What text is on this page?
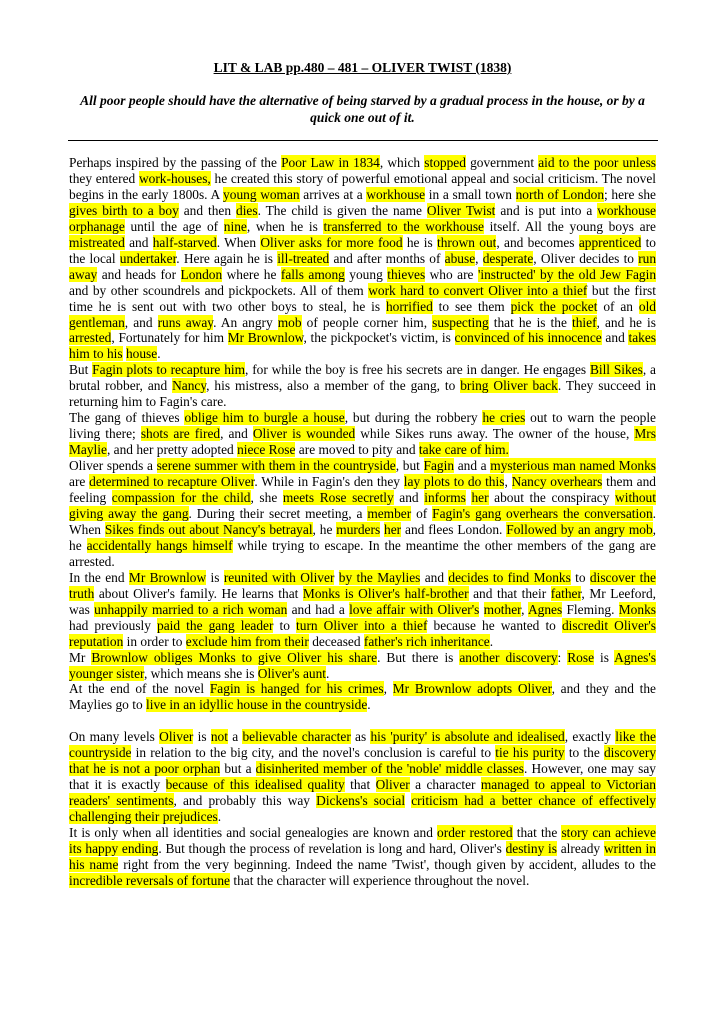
LIT & LAB pp.480 – 481 – OLIVER TWIST (1838)
All poor people should have the alternative of being starved by a gradual process in the house, or by a quick one out of it.

Perhaps inspired by the passing of the Poor Law in 1834, which stopped government aid to the poor unless they entered work-houses, he created this story of powerful emotional appeal and social criticism. The novel begins in the early 1800s. A young woman arrives at a workhouse in a small town north of London; here she gives birth to a boy and then dies. The child is given the name Oliver Twist and is put into a workhouse orphanage until the age of nine, when he is transferred to the workhouse itself. All the young boys are mistreated and half-starved. When Oliver asks for more food he is thrown out, and becomes apprenticed to the local undertaker. Here again he is ill-treated and after months of abuse, desperate, Oliver decides to run away and heads for London where he falls among young thieves who are 'instructed' by the old Jew Fagin and by other scoundrels and pickpockets. All of them work hard to convert Oliver into a thief but the first time he is sent out with two other boys to steal, he is horrified to see them pick the pocket of an old gentleman, and runs away. An angry mob of people corner him, suspecting that he is the thief, and he is arrested, Fortunately for him Mr Brownlow, the pickpocket's victim, is convinced of his innocence and takes him to his house.

But Fagin plots to recapture him, for while the boy is free his secrets are in danger. He engages Bill Sikes, a brutal robber, and Nancy, his mistress, also a member of the gang, to bring Oliver back. They succeed in returning him to Fagin's care.

The gang of thieves oblige him to burgle a house, but during the robbery he cries out to warn the people living there; shots are fired, and Oliver is wounded while Sikes runs away. The owner of the house, Mrs Maylie, and her pretty adopted niece Rose are moved to pity and take care of him.

Oliver spends a serene summer with them in the countryside, but Fagin and a mysterious man named Monks are determined to recapture Oliver. While in Fagin's den they lay plots to do this, Nancy overhears them and feeling compassion for the child, she meets Rose secretly and informs her about the conspiracy without giving away the gang. During their secret meeting, a member of Fagin's gang overhears the conversation. When Sikes finds out about Nancy's betrayal, he murders her and flees London. Followed by an angry mob, he accidentally hangs himself while trying to escape. In the meantime the other members of the gang are arrested.

In the end Mr Brownlow is reunited with Oliver by the Maylies and decides to find Monks to discover the truth about Oliver's family. He learns that Monks is Oliver's half-brother and that their father, Mr Leeford, was unhappily married to a rich woman and had a love affair with Oliver's mother, Agnes Fleming. Monks had previously paid the gang leader to turn Oliver into a thief because he wanted to discredit Oliver's reputation in order to exclude him from their deceased father's rich inheritance.

Mr Brownlow obliges Monks to give Oliver his share. But there is another discovery: Rose is Agnes's younger sister, which means she is Oliver's aunt.

At the end of the novel Fagin is hanged for his crimes, Mr Brownlow adopts Oliver, and they and the Maylies go to live in an idyllic house in the countryside.

On many levels Oliver is not a believable character as his 'purity' is absolute and idealised, exactly like the countryside in relation to the big city, and the novel's conclusion is careful to tie his purity to the discovery that he is not a poor orphan but a disinherited member of the 'noble' middle classes. However, one may say that it is exactly because of this idealised quality that Oliver a character managed to appeal to Victorian readers' sentiments, and probably this way Dickens's social criticism had a better chance of effectively challenging their prejudices.

It is only when all identities and social genealogies are known and order restored that the story can achieve its happy ending. But though the process of revelation is long and hard, Oliver's destiny is already written in his name right from the very beginning. Indeed the name 'Twist', though given by accident, alludes to the incredible reversals of fortune that the character will experience throughout the novel.
